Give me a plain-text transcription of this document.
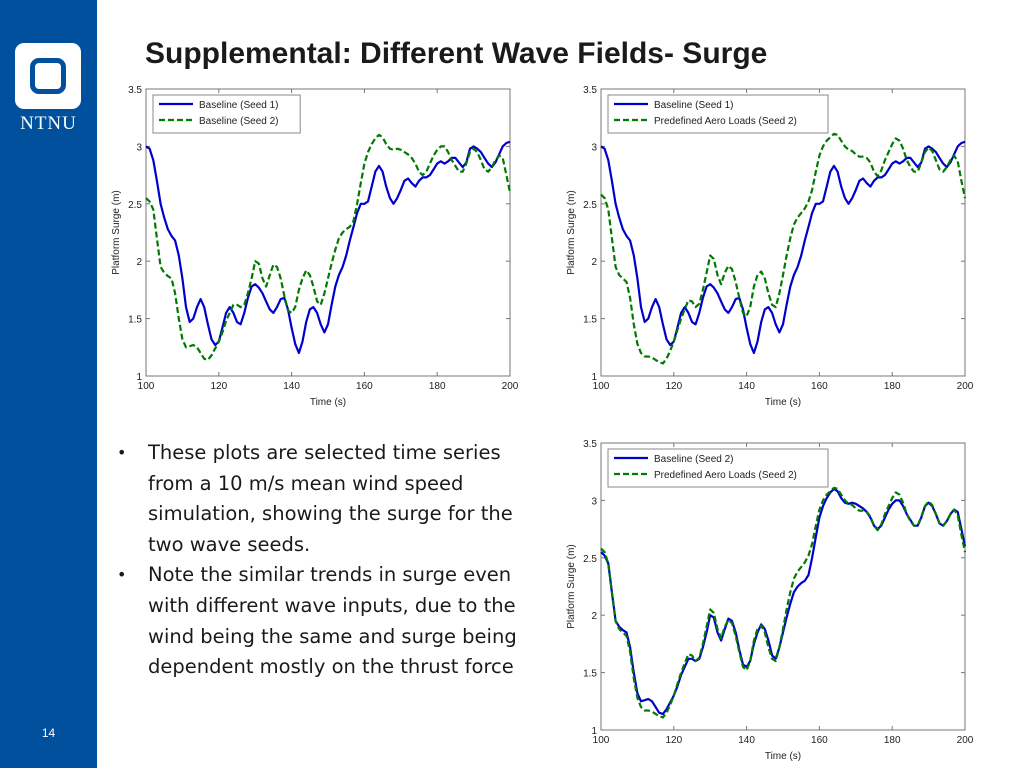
NTNU
14
Supplemental: Different Wave Fields- Surge
100	120	140	160	180	200
1
1.5
2
2.5
3
3.5
Time (s)
Platform Surge (m)
Baseline (Seed 1)
Baseline (Seed 2)
100	120	140	160	180	200
1
1.5
2
2.5
3
3.5
Time (s)
Platform Surge (m)
Baseline (Seed 1)
Predefined Aero Loads (Seed 2)
100	120	140	160	180	200
1
1.5
2
2.5
3
3.5
Time (s)
Platform Surge (m)
Baseline (Seed 2)
Predefined Aero Loads (Seed 2)
• These plots are selected time series from a 10 m/s mean wind speed simulation, showing the surge for the two wave seeds.
• Note the similar trends in surge even with different wave inputs, due to the wind being the same and surge being dependent mostly on the thrust force
